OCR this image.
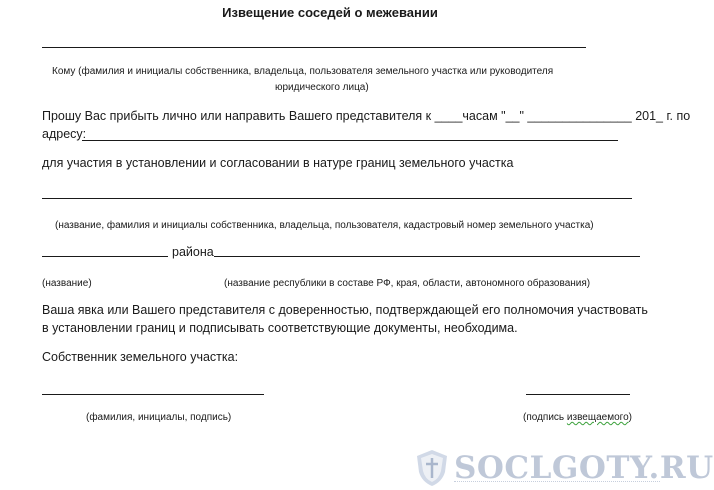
Извещение соседей о межевании
Кому (фамилия и инициалы собственника, владельца, пользователя земельного участка или руководителя
юридического лица)
Прошу Вас прибыть лично или направить Вашего представителя к ____часам "__" _______________ 201_ г. по
адресу:
для участия в установлении и согласовании в натуре границ земельного участка
(название, фамилия и инициалы собственника, владельца, пользователя, кадастровый номер земельного участка)
района
(название)	(название республики в составе РФ, края, области, автономного образования)
Ваша явка или Вашего представителя с доверенностью, подтверждающей его полномочия участвовать
в установлении границ и подписывать соответствующие документы, необходима.
Собственник земельного участка:
(фамилия, инициалы, подпись)	(подпись извещаемого)
SOCLGOTY.RU
